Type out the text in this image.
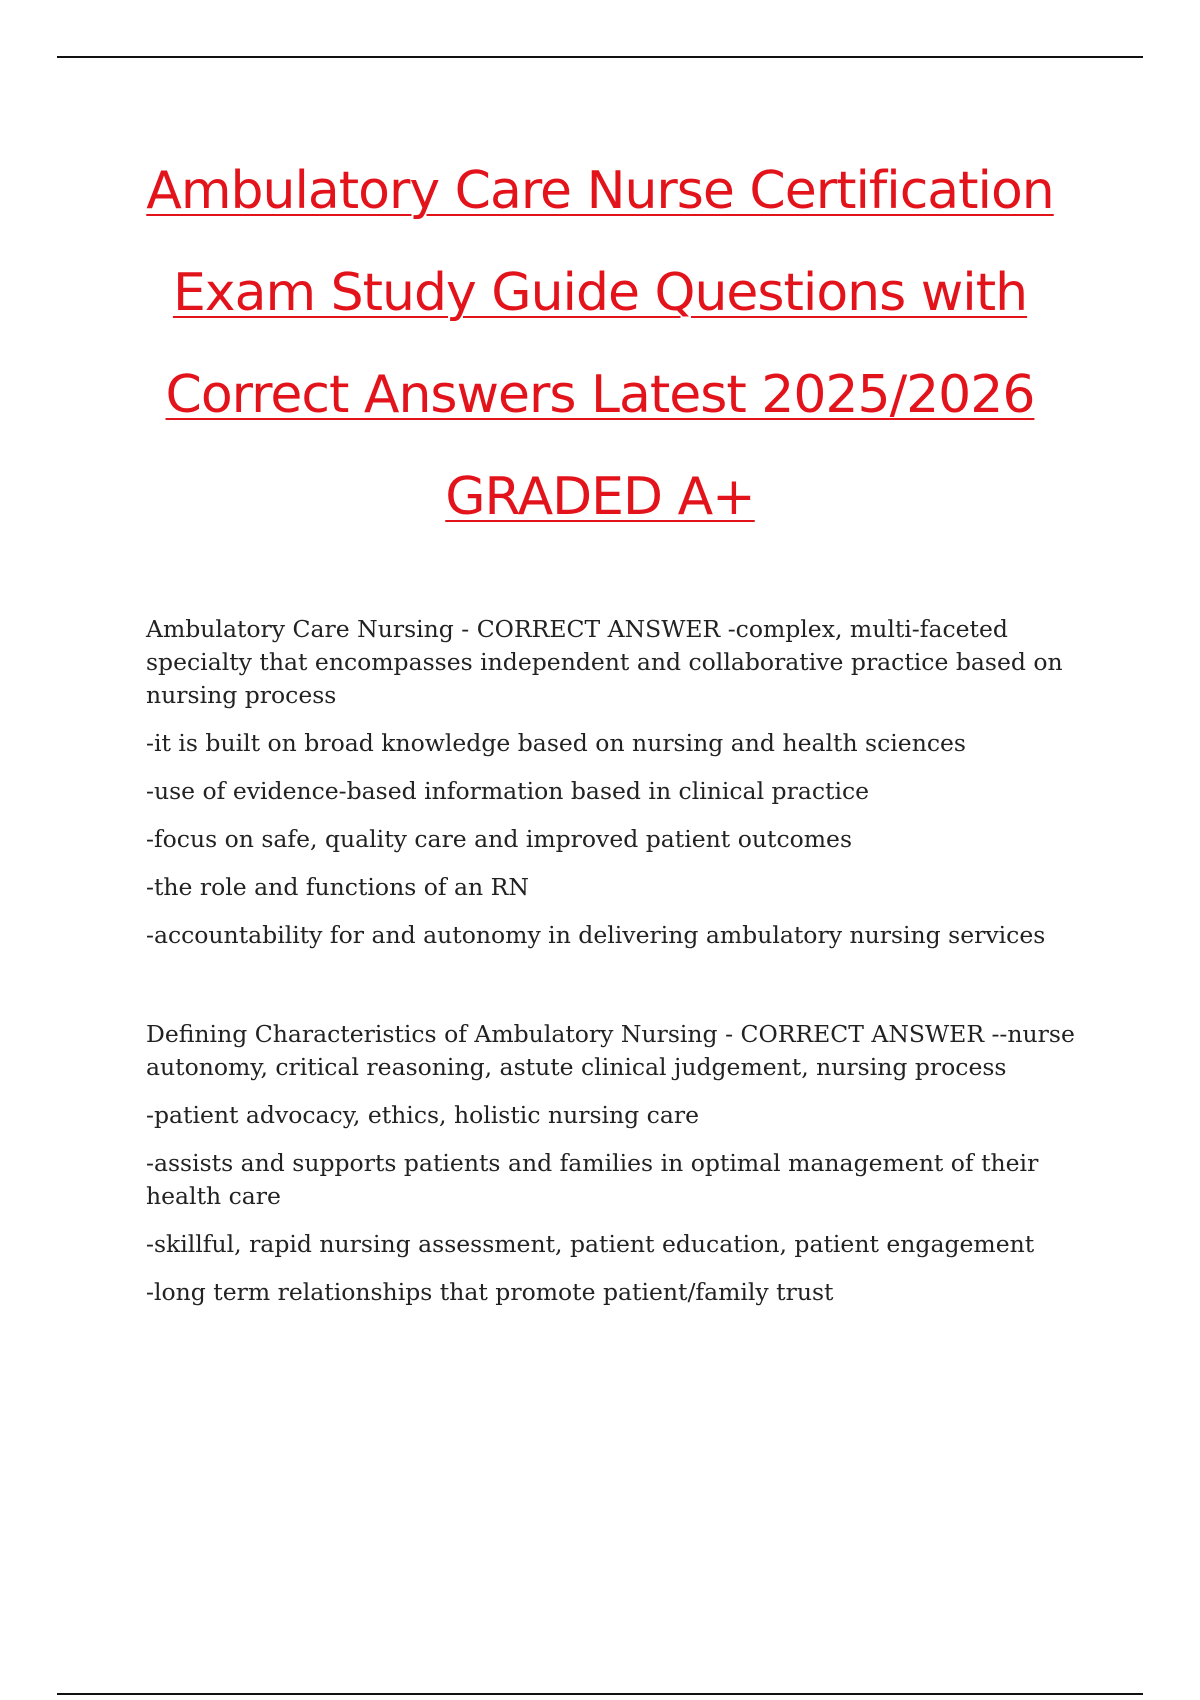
Ambulatory Care Nurse Certification
Exam Study Guide Questions with
Correct Answers Latest 2025/2026
GRADED A+

Ambulatory Care Nursing - CORRECT ANSWER -complex, multi-faceted specialty that encompasses independent and collaborative practice based on nursing process

-it is built on broad knowledge based on nursing and health sciences

-use of evidence-based information based in clinical practice

-focus on safe, quality care and improved patient outcomes

-the role and functions of an RN

-accountability for and autonomy in delivering ambulatory nursing services

Defining Characteristics of Ambulatory Nursing - CORRECT ANSWER --nurse autonomy, critical reasoning, astute clinical judgement, nursing process

-patient advocacy, ethics, holistic nursing care

-assists and supports patients and families in optimal management of their health care

-skillful, rapid nursing assessment, patient education, patient engagement

-long term relationships that promote patient/family trust
